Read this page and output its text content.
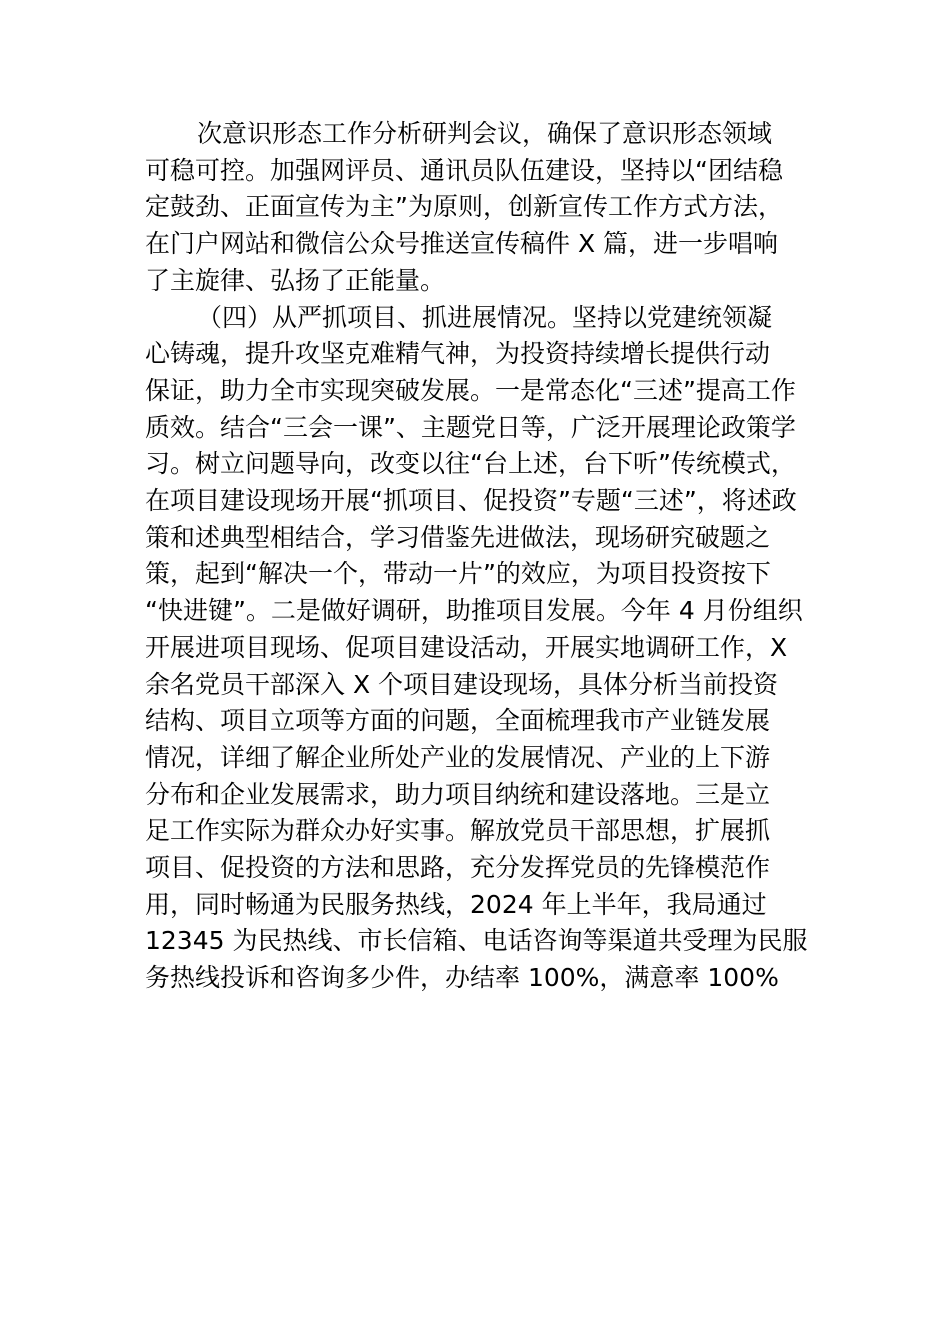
次意识形态工作分析研判会议，确保了意识形态领域
可稳可控。加强网评员、通讯员队伍建设，坚持以“团结稳
定鼓劲、正面宣传为主”为原则，创新宣传工作方式方法，
在门户网站和微信公众号推送宣传稿件 X 篇，进一步唱响
了主旋律、弘扬了正能量。
（四）从严抓项目、抓进展情况。坚持以党建统领凝
心铸魂，提升攻坚克难精气神，为投资持续增长提供行动
保证，助力全市实现突破发展。一是常态化“三述”提高工作
质效。结合“三会一课”、主题党日等，广泛开展理论政策学
习。树立问题导向，改变以往“台上述，台下听”传统模式，
在项目建设现场开展“抓项目、促投资”专题“三述”，将述政
策和述典型相结合，学习借鉴先进做法，现场研究破题之
策，起到“解决一个，带动一片”的效应，为项目投资按下
“快进键”。二是做好调研，助推项目发展。今年 4 月份组织
开展进项目现场、促项目建设活动，开展实地调研工作，X
余名党员干部深入 X 个项目建设现场，具体分析当前投资
结构、项目立项等方面的问题，全面梳理我市产业链发展
情况，详细了解企业所处产业的发展情况、产业的上下游
分布和企业发展需求，助力项目纳统和建设落地。三是立
足工作实际为群众办好实事。解放党员干部思想，扩展抓
项目、促投资的方法和思路，充分发挥党员的先锋模范作
用，同时畅通为民服务热线，2024 年上半年，我局通过
12345 为民热线、市长信箱、电话咨询等渠道共受理为民服
务热线投诉和咨询多少件，办结率 100%，满意率 100%
